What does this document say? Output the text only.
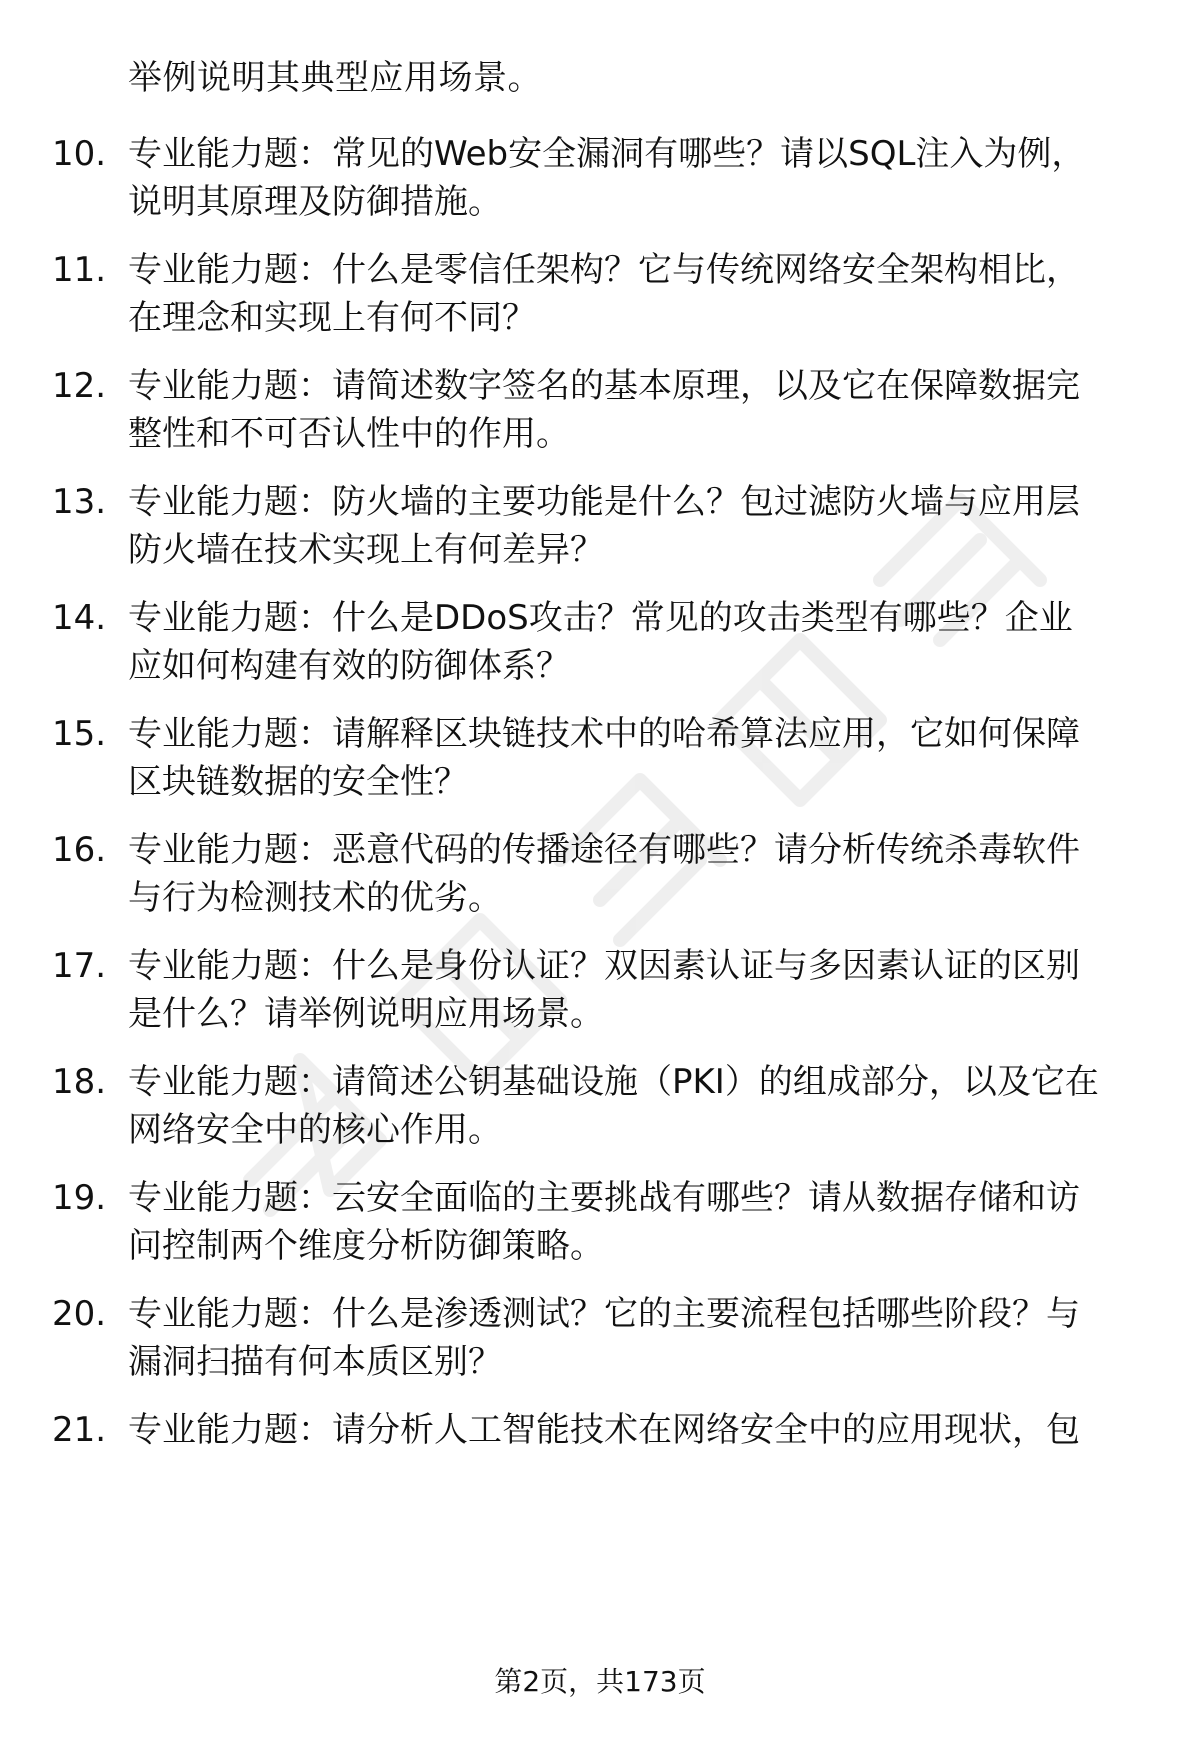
举例说明其典型应用场景。
10. 专业能力题：常见的Web安全漏洞有哪些？请以SQL注入为例，
说明其原理及防御措施。
11. 专业能力题：什么是零信任架构？它与传统网络安全架构相比，
在理念和实现上有何不同？
12. 专业能力题：请简述数字签名的基本原理，以及它在保障数据完
整性和不可否认性中的作用。
13. 专业能力题：防火墙的主要功能是什么？包过滤防火墙与应用层
防火墙在技术实现上有何差异？
14. 专业能力题：什么是DDoS攻击？常见的攻击类型有哪些？企业
应如何构建有效的防御体系？
15. 专业能力题：请解释区块链技术中的哈希算法应用，它如何保障
区块链数据的安全性？
16. 专业能力题：恶意代码的传播途径有哪些？请分析传统杀毒软件
与行为检测技术的优劣。
17. 专业能力题：什么是身份认证？双因素认证与多因素认证的区别
是什么？请举例说明应用场景。
18. 专业能力题：请简述公钥基础设施（PKI）的组成部分，以及它在
网络安全中的核心作用。
19. 专业能力题：云安全面临的主要挑战有哪些？请从数据存储和访
问控制两个维度分析防御策略。
20. 专业能力题：什么是渗透测试？它的主要流程包括哪些阶段？与
漏洞扫描有何本质区别？
21. 专业能力题：请分析人工智能技术在网络安全中的应用现状，包
第2页，共173页
